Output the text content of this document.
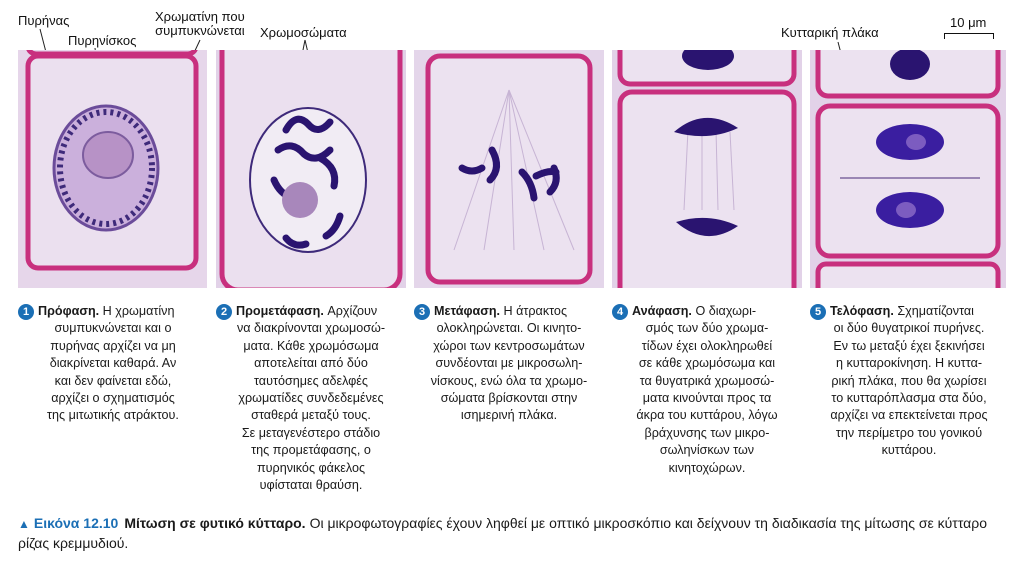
Πυρήνας
Πυρηνίσκος
Χρωματίνη που
συμπυκνώνεται Χρωμοσώματα	Κυτταρική πλάκα
10 μm

1 Πρόφαση. Η χρωματίνη

συμπυκνώνεται και ο
πυρήνας αρχίζει να μη
διακρίνεται καθαρά. Αν
και δεν φαίνεται εδώ,
αρχίζει ο σχηματισμός
της μιτωτικής ατράκτου.

2 Προμετάφαση. Αρχίζουν

να διακρίνονται χρωμοσώ-
ματα. Κάθε χρωμόσωμα
αποτελείται από δύο
ταυτόσημες αδελφές
χρωματίδες συνδεδεμένες
σταθερά μεταξύ τους.
Σε μεταγενέστερο στάδιο
της προμετάφασης, ο
πυρηνικός φάκελος
υφίσταται θραύση.

3 Μετάφαση. Η άτρακτος

ολοκληρώνεται. Οι κινητο-
χώροι των κεντροσωμάτων
συνδέονται με μικροσωλη-
νίσκους, ενώ όλα τα χρωμο-
σώματα βρίσκονται στην
ισημερινή πλάκα.

4 Ανάφαση. Ο διαχωρι-

σμός των δύο χρωμα-
τίδων έχει ολοκληρωθεί
σε κάθε χρωμόσωμα και
τα θυγατρικά χρωμοσώ-
ματα κινούνται προς τα
άκρα του κυττάρου, λόγω
βράχυνσης των μικρο-
σωληνίσκων των
κινητοχώρων.

5 Τελόφαση. Σχηματίζονται

οι δύο θυγατρικοί πυρήνες.
Εν τω μεταξύ έχει ξεκινήσει
η κυτταροκίνηση. Η κυττα-
ρική πλάκα, που θα χωρίσει
το κυτταρόπλασμα στα δύο,
αρχίζει να επεκτείνεται προς
την περίμετρο του γονικού
κυττάρου.
▲ Εικόνα 12.10 Μίτωση σε φυτικό κύτταρο. Οι μικροφωτογραφίες έχουν ληφθεί με οπτικό μικροσκόπιο και δείχνουν τη διαδικασία της μίτωσης σε κύτταρο ρίζας κρεμμυδιού.
